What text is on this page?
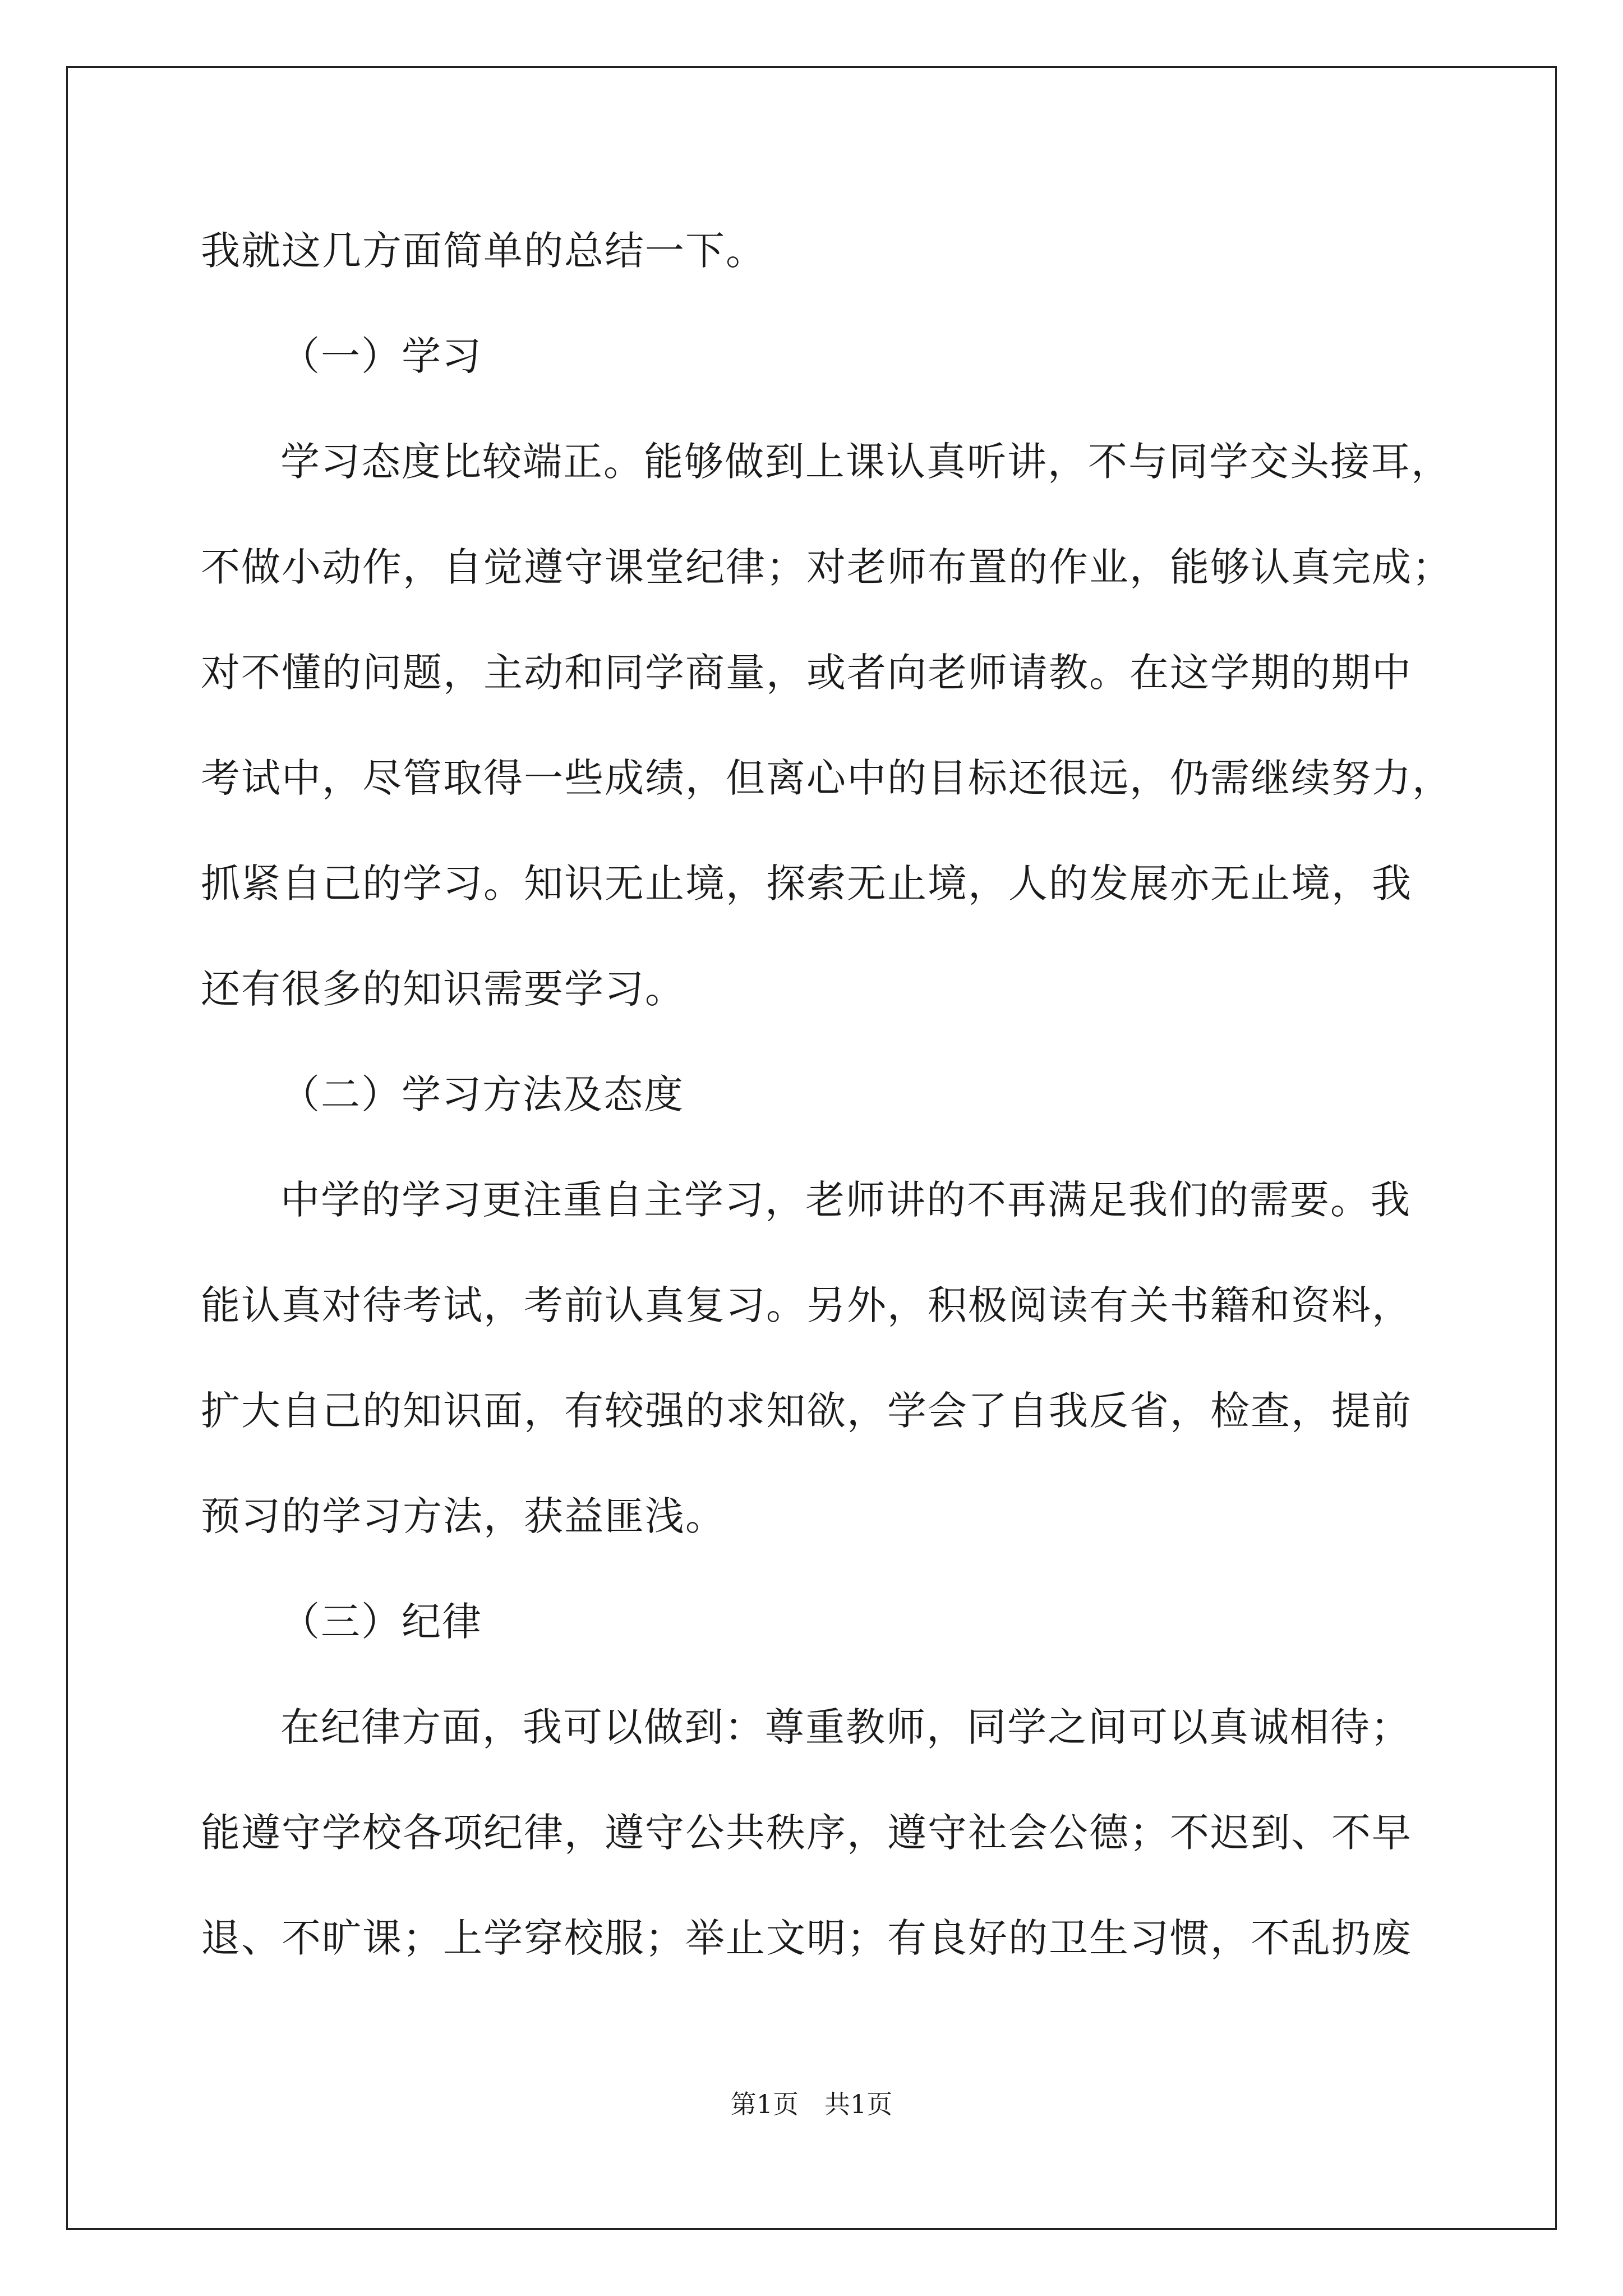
我就这几方面简单的总结一下。
（一）学习
学习态度比较端正。能够做到上课认真听讲，不与同学交头接耳，
不做小动作，自觉遵守课堂纪律；对老师布置的作业，能够认真完成；
对不懂的问题，主动和同学商量，或者向老师请教。在这学期的期中
考试中，尽管取得一些成绩，但离心中的目标还很远，仍需继续努力，
抓紧自己的学习。知识无止境，探索无止境，人的发展亦无止境，我
还有很多的知识需要学习。
（二）学习方法及态度
中学的学习更注重自主学习，老师讲的不再满足我们的需要。我
能认真对待考试，考前认真复习。另外，积极阅读有关书籍和资料，
扩大自己的知识面，有较强的求知欲，学会了自我反省，检查，提前
预习的学习方法，获益匪浅。
（三）纪律
在纪律方面，我可以做到：尊重教师，同学之间可以真诚相待；
能遵守学校各项纪律，遵守公共秩序，遵守社会公德；不迟到、不早
退、不旷课；上学穿校服；举止文明；有良好的卫生习惯，不乱扔废
第1页　共1页
